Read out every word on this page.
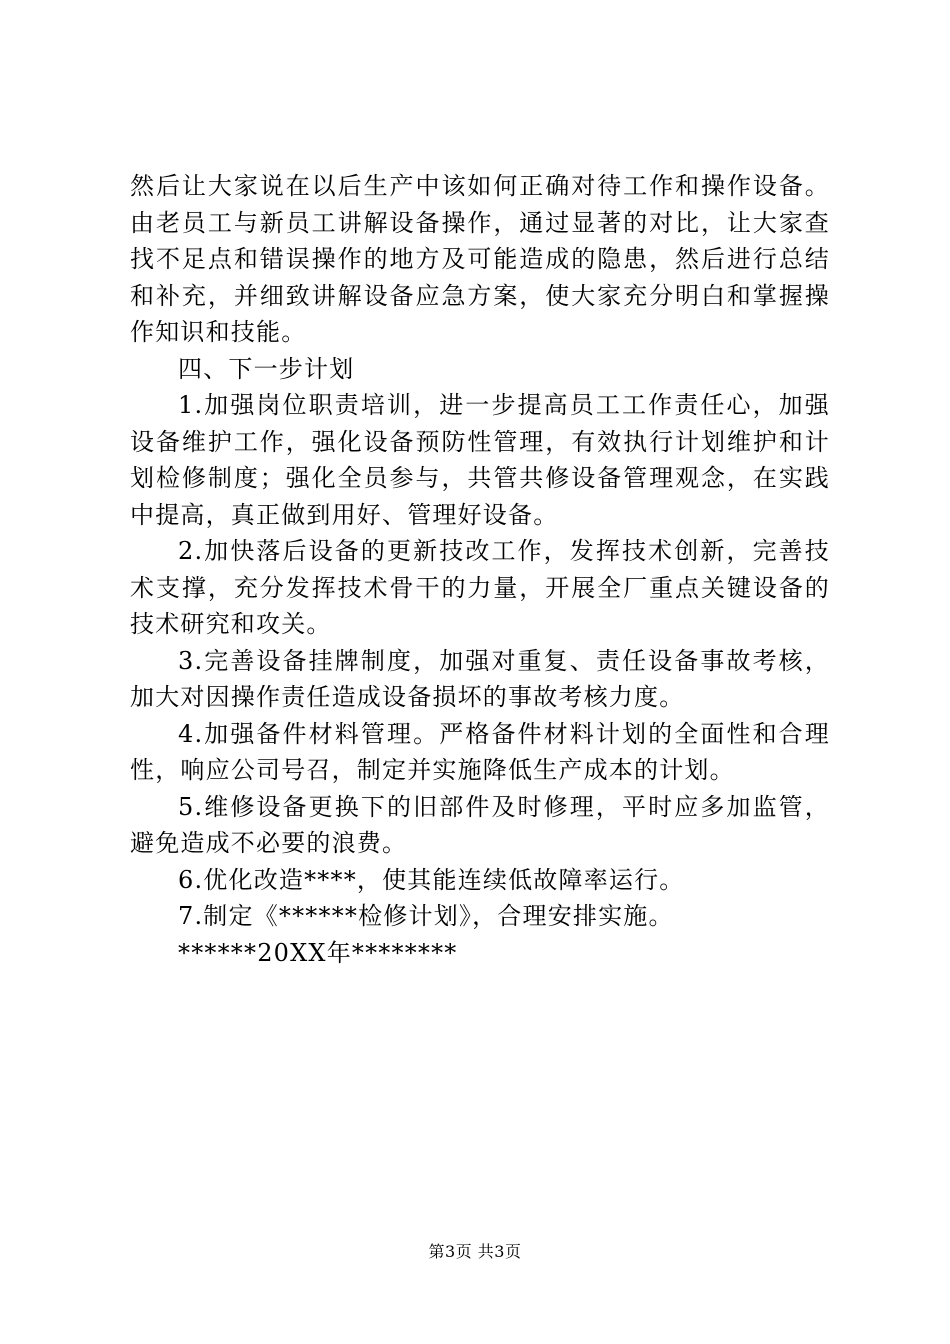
然后让大家说在以后生产中该如何正确对待工作和操作设备。由老员工与新员工讲解设备操作，通过显著的对比，让大家查找不足点和错误操作的地方及可能造成的隐患，然后进行总结和补充，并细致讲解设备应急方案，使大家充分明白和掌握操作知识和技能。

四、下一步计划

1.加强岗位职责培训，进一步提高员工工作责任心，加强设备维护工作，强化设备预防性管理，有效执行计划维护和计划检修制度；强化全员参与，共管共修设备管理观念，在实践中提高，真正做到用好、管理好设备。

2.加快落后设备的更新技改工作，发挥技术创新，完善技术支撑，充分发挥技术骨干的力量，开展全厂重点关键设备的技术研究和攻关。

3.完善设备挂牌制度，加强对重复、责任设备事故考核，加大对因操作责任造成设备损坏的事故考核力度。

4.加强备件材料管理。严格备件材料计划的全面性和合理性，响应公司号召，制定并实施降低生产成本的计划。

5.维修设备更换下的旧部件及时修理，平时应多加监管，避免造成不必要的浪费。

6.优化改造****，使其能连续低故障率运行。

7.制定《******检修计划》，合理安排实施。

******20XX年********

第3页 共3页
